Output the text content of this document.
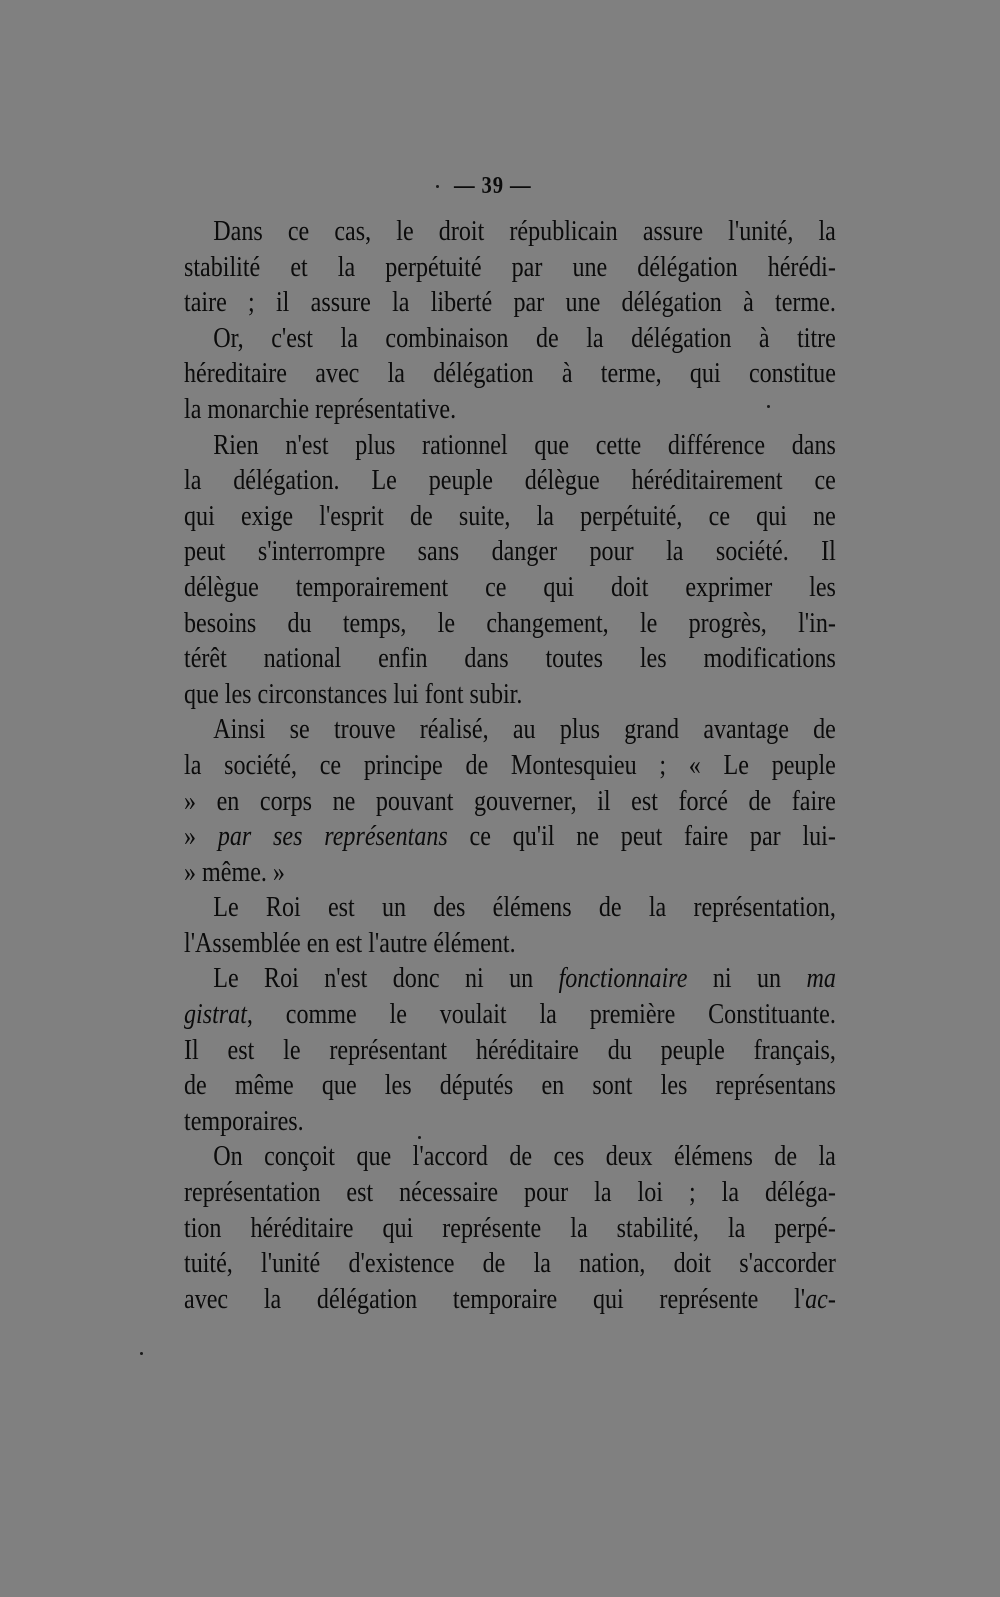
— 39 —

Dans ce cas, le droit républicain assure l'unité, la
stabilité et la perpétuité par une délégation hérédi-
taire ; il assure la liberté par une délégation à terme.

Or, c'est la combinaison de la délégation à titre
héreditaire avec la délégation à terme, qui constitue
la monarchie représentative.

Rien n'est plus rationnel que cette différence dans
la délégation. Le peuple délègue héréditairement ce
qui exige l'esprit de suite, la perpétuité, ce qui ne
peut s'interrompre sans danger pour la société. Il
délègue temporairement ce qui doit exprimer les
besoins du temps, le changement, le progrès, l'in-
térêt national enfin dans toutes les modifications
que les circonstances lui font subir.

Ainsi se trouve réalisé, au plus grand avantage de
la société, ce principe de Montesquieu ; « Le peuple
» en corps ne pouvant gouverner, il est forcé de faire
» par ses représentans ce qu'il ne peut faire par lui-
» même. »

Le Roi est un des élémens de la représentation,
l'Assemblée en est l'autre élément.

Le Roi n'est donc ni un fonctionnaire ni un ma
gistrat, comme le voulait la première Constituante.
Il est le représentant héréditaire du peuple français,
de même que les députés en sont les représentans
temporaires.

On conçoit que l'accord de ces deux élémens de la
représentation est nécessaire pour la loi ; la déléga-
tion héréditaire qui représente la stabilité, la perpé-
tuité, l'unité d'existence de la nation, doit s'accorder
avec la délégation temporaire qui représente l'ac-
